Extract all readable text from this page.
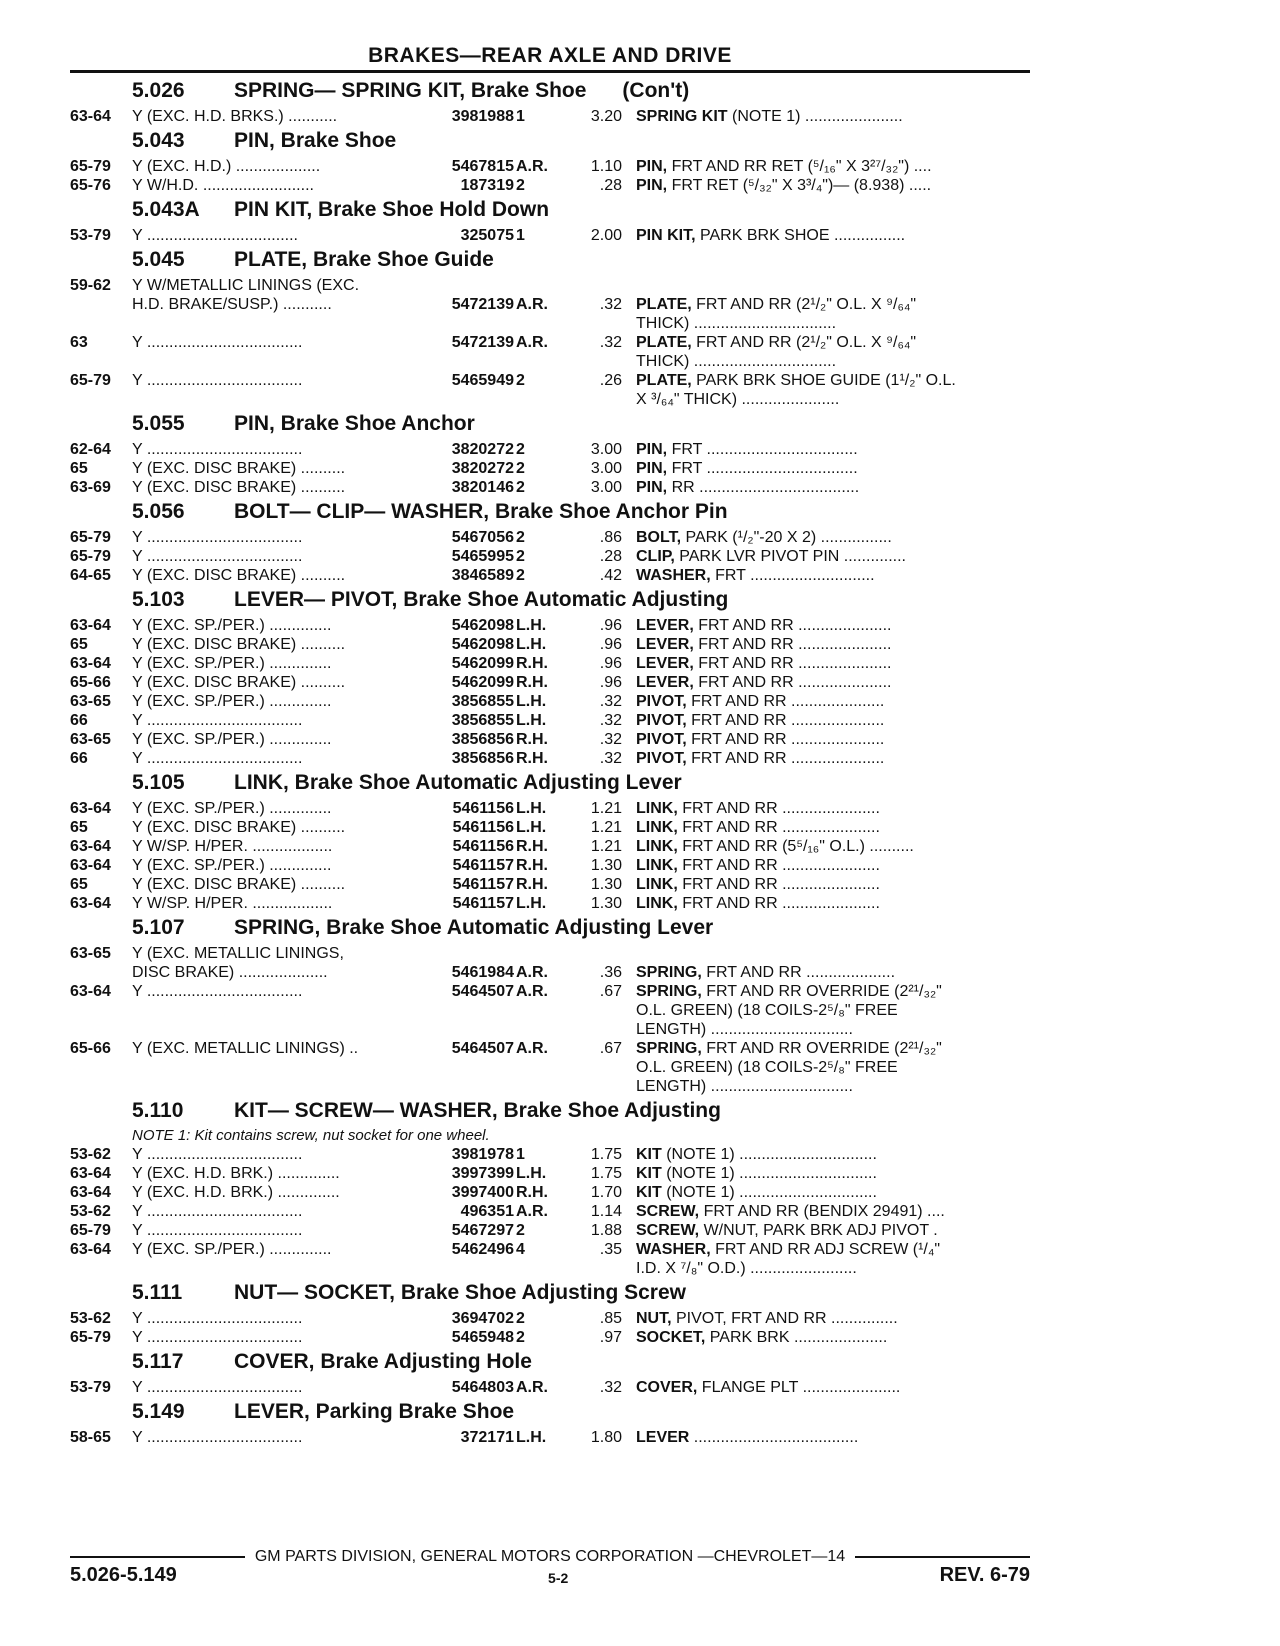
BRAKES—REAR AXLE AND DRIVE
5.026 SPRING— SPRING KIT, Brake Shoe (Con't)
63-64	Y (EXC. H.D. BRKS.) ...........	3981988 1	3.20 SPRING KIT (NOTE 1) ......................
5.043 PIN, Brake Shoe
65-79	Y (EXC. H.D.) ...................	5467815 A.R.	1.10 PIN, FRT AND RR RET (⁵/₁₆" X 3²⁷/₃₂") ....
65-76	Y W/H.D. .........................	187319 2	.28 PIN, FRT RET (⁵/₃₂" X 3³/₄")— (8.938) .....
5.043A PIN KIT, Brake Shoe Hold Down
53-79	Y ..................................	325075 1	2.00 PIN KIT, PARK BRK SHOE ................
5.045 PLATE, Brake Shoe Guide
59-62	Y W/METALLIC LININGS (EXC.
H.D. BRAKE/SUSP.) ...........	5472139 A.R.	.32 PLATE, FRT AND RR (2¹/₂" O.L. X ⁹/₆₄"
THICK) ................................
63	Y ...................................	5472139 A.R.	.32 PLATE, FRT AND RR (2¹/₂" O.L. X ⁹/₆₄"
THICK) ................................
65-79	Y ...................................	5465949 2	.26 PLATE, PARK BRK SHOE GUIDE (1¹/₂" O.L.
X ³/₆₄" THICK) ......................
5.055 PIN, Brake Shoe Anchor
62-64	Y ...................................	3820272 2	3.00 PIN, FRT ..................................
65	Y (EXC. DISC BRAKE) ..........	3820272 2	3.00 PIN, FRT ..................................
63-69	Y (EXC. DISC BRAKE) ..........	3820146 2	3.00 PIN, RR ....................................
5.056 BOLT— CLIP— WASHER, Brake Shoe Anchor Pin
65-79	Y ...................................	5467056 2	.86 BOLT, PARK (¹/₂"-20 X 2) ................
65-79	Y ...................................	5465995 2	.28 CLIP, PARK LVR PIVOT PIN ..............
64-65	Y (EXC. DISC BRAKE) ..........	3846589 2	.42 WASHER, FRT ............................
5.103 LEVER— PIVOT, Brake Shoe Automatic Adjusting
63-64	Y (EXC. SP./PER.) ..............	5462098 L.H.	.96 LEVER, FRT AND RR .....................
65	Y (EXC. DISC BRAKE) ..........	5462098 L.H.	.96 LEVER, FRT AND RR .....................
63-64	Y (EXC. SP./PER.) ..............	5462099 R.H.	.96 LEVER, FRT AND RR .....................
65-66	Y (EXC. DISC BRAKE) ..........	5462099 R.H.	.96 LEVER, FRT AND RR .....................
63-65	Y (EXC. SP./PER.) ..............	3856855 L.H.	.32 PIVOT, FRT AND RR .....................
66	Y ...................................	3856855 L.H.	.32 PIVOT, FRT AND RR .....................
63-65	Y (EXC. SP./PER.) ..............	3856856 R.H.	.32 PIVOT, FRT AND RR .....................
66	Y ...................................	3856856 R.H.	.32 PIVOT, FRT AND RR .....................
5.105 LINK, Brake Shoe Automatic Adjusting Lever
63-64	Y (EXC. SP./PER.) ..............	5461156 L.H.	1.21 LINK, FRT AND RR ......................
65	Y (EXC. DISC BRAKE) ..........	5461156 L.H.	1.21 LINK, FRT AND RR ......................
63-64	Y W/SP. H/PER. ..................	5461156 R.H.	1.21 LINK, FRT AND RR (5⁵/₁₆" O.L.) ..........
63-64	Y (EXC. SP./PER.) ..............	5461157 R.H.	1.30 LINK, FRT AND RR ......................
65	Y (EXC. DISC BRAKE) ..........	5461157 R.H.	1.30 LINK, FRT AND RR ......................
63-64	Y W/SP. H/PER. ..................	5461157 L.H.	1.30 LINK, FRT AND RR ......................
5.107 SPRING, Brake Shoe Automatic Adjusting Lever
63-65	Y (EXC. METALLIC LININGS,
DISC BRAKE) ....................	5461984 A.R.	.36 SPRING, FRT AND RR ....................
63-64	Y ...................................	5464507 A.R.	.67 SPRING, FRT AND RR OVERRIDE (2²¹/₃₂"
O.L. GREEN) (18 COILS-2⁵/₈" FREE
LENGTH) ................................
65-66	Y (EXC. METALLIC LININGS) ..	5464507 A.R.	.67 SPRING, FRT AND RR OVERRIDE (2²¹/₃₂"
O.L. GREEN) (18 COILS-2⁵/₈" FREE
LENGTH) ................................
5.110 KIT— SCREW— WASHER, Brake Shoe Adjusting
NOTE 1: Kit contains screw, nut socket for one wheel.
53-62	Y ...................................	3981978 1	1.75 KIT (NOTE 1) ...............................
63-64	Y (EXC. H.D. BRK.) ..............	3997399 L.H.	1.75 KIT (NOTE 1) ...............................
63-64	Y (EXC. H.D. BRK.) ..............	3997400 R.H.	1.70 KIT (NOTE 1) ...............................
53-62	Y ...................................	496351 A.R.	1.14 SCREW, FRT AND RR (BENDIX 29491) ....
65-79	Y ...................................	5467297 2	1.88 SCREW, W/NUT, PARK BRK ADJ PIVOT .
63-64	Y (EXC. SP./PER.) ..............	5462496 4	.35 WASHER, FRT AND RR ADJ SCREW (¹/₄"
I.D. X ⁷/₈" O.D.) ........................
5.111 NUT— SOCKET, Brake Shoe Adjusting Screw
53-62	Y ...................................	3694702 2	.85 NUT, PIVOT, FRT AND RR ...............
65-79	Y ...................................	5465948 2	.97 SOCKET, PARK BRK .....................
5.117 COVER, Brake Adjusting Hole
53-79	Y ...................................	5464803 A.R.	.32 COVER, FLANGE PLT ......................
5.149 LEVER, Parking Brake Shoe
58-65	Y ...................................	372171 L.H.	1.80 LEVER .....................................
GM PARTS DIVISION, GENERAL MOTORS CORPORATION —CHEVROLET—14
5.026-5.149	5-2	REV. 6-79
